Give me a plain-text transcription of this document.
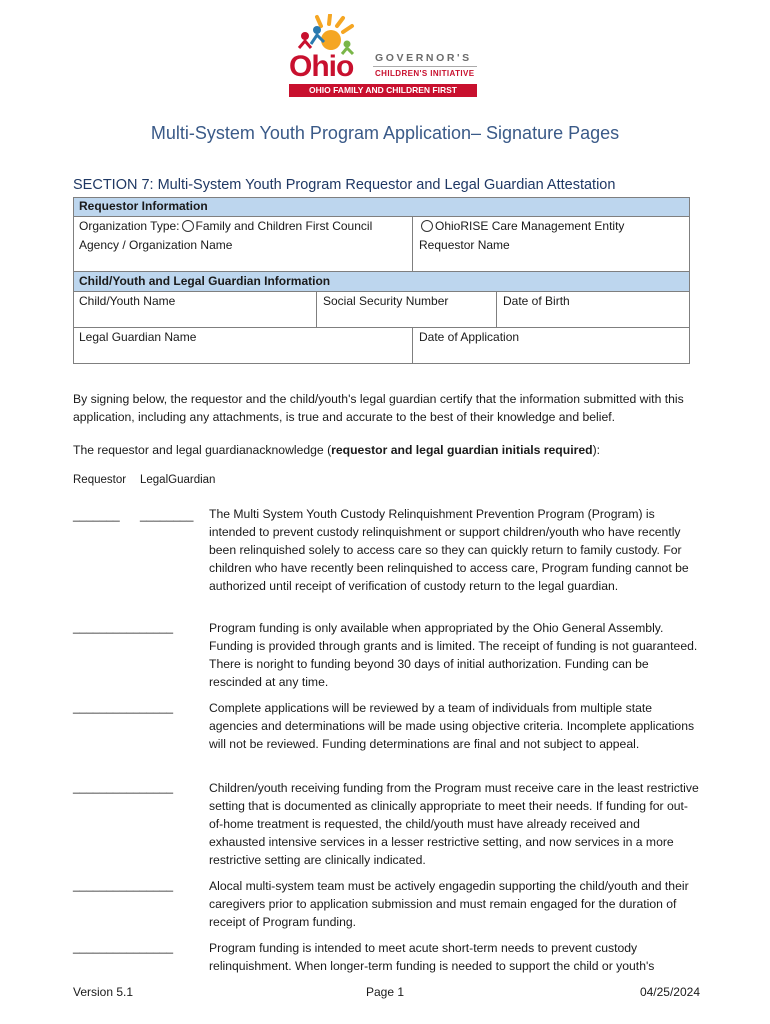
Ohio GOVERNOR'S
CHILDREN'S INITIATIVE
OHIO FAMILY AND CHILDREN FIRST
Multi-System Youth Program Application– Signature Pages
SECTION 7: Multi-System Youth Program Requestor and Legal Guardian Attestation
Requestor Information
Organization Type: Family and Children First Council	OhioRISE Care Management Entity
Agency / Organization Name	Requestor Name
Child/Youth and Legal Guardian Information
Child/Youth Name	Social Security Number	Date of Birth
Legal Guardian Name	Date of Application
By signing below, the requestor and the child/youth's legal guardian certify that the information submitted with this application, including any attachments, is true and accurate to the best of their knowledge and belief.
The requestor and legal guardianacknowledge (requestor and legal guardian initials required):
Requestor LegalGuardian
_______ ________
_______________
_______________
_______________
_______________
_______________
The Multi System Youth Custody Relinquishment Prevention Program (Program) is intended to prevent custody relinquishment or support children/youth who have recently been relinquished solely to access care so they can quickly return to family custody. For children who have recently been relinquished to access care, Program funding cannot be authorized until receipt of verification of custody return to the legal guardian.
Program funding is only available when appropriated by the Ohio General Assembly. Funding is provided through grants and is limited. The receipt of funding is not guaranteed. There is noright to funding beyond 30 days of initial authorization. Funding can be rescinded at any time.
Complete applications will be reviewed by a team of individuals from multiple state agencies and determinations will be made using objective criteria. Incomplete applications will not be reviewed. Funding determinations are final and not subject to appeal.
Children/youth receiving funding from the Program must receive care in the least restrictive setting that is documented as clinically appropriate to meet their needs. If funding for out-of-home treatment is requested, the child/youth must have already received and exhausted intensive services in a lesser restrictive setting, and now services in a more restrictive setting are clinically indicated.
Alocal multi-system team must be actively engagedin supporting the child/youth and their caregivers prior to application submission and must remain engaged for the duration of receipt of Program funding.
Program funding is intended to meet acute short-term needs to prevent custody relinquishment. When longer-term funding is needed to support the child or youth's
Version 5.1	Page 1	04/25/2024
